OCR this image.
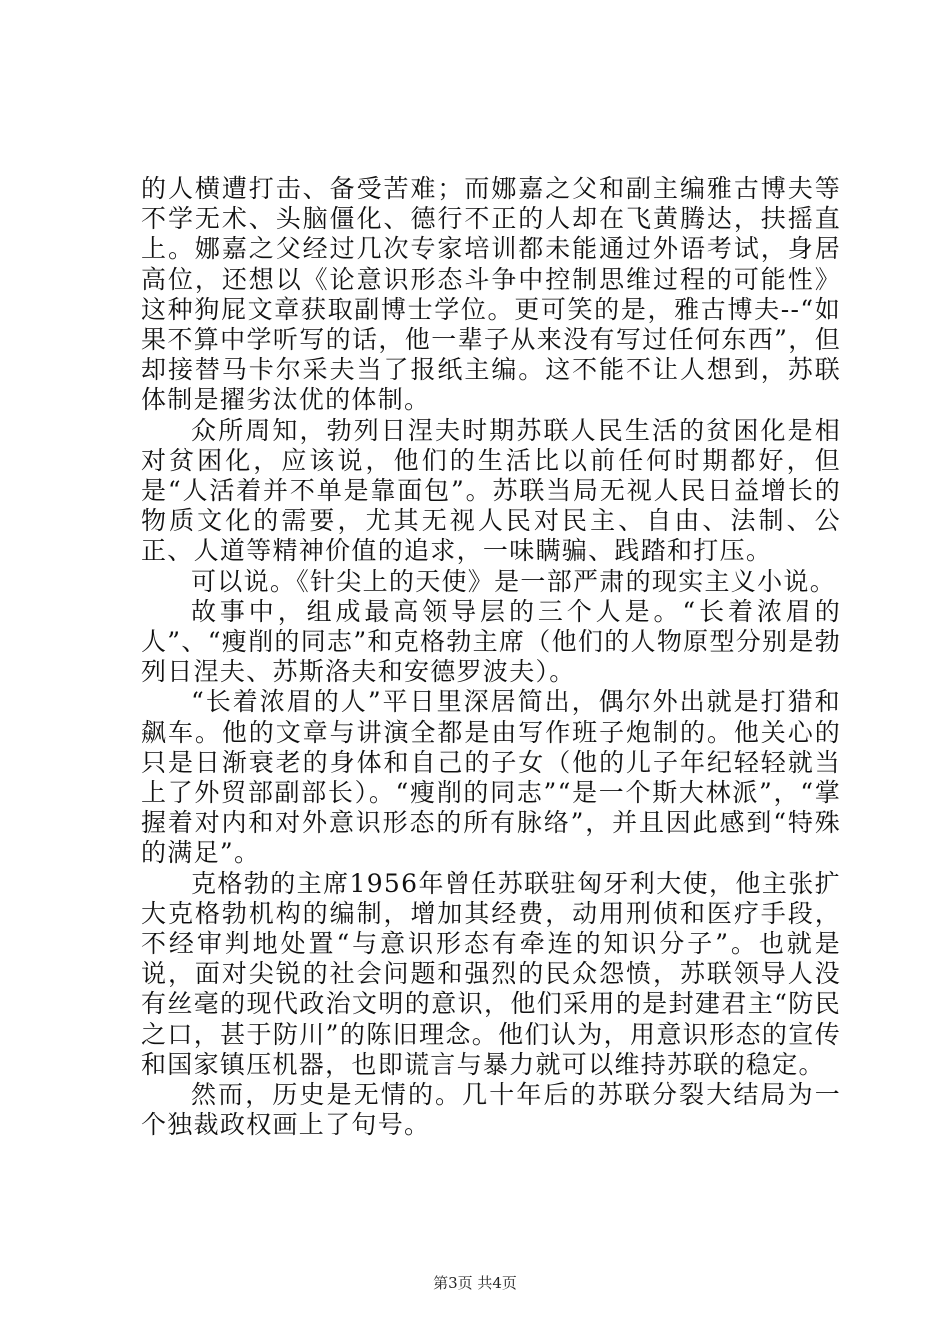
的人横遭打击、备受苦难；而娜嘉之父和副主编雅古博夫等不学无术、头脑僵化、德行不正的人却在飞黄腾达，扶摇直上。娜嘉之父经过几次专家培训都未能通过外语考试，身居高位，还想以《论意识形态斗争中控制思维过程的可能性》这种狗屁文章获取副博士学位。更可笑的是，雅古博夫--“如果不算中学听写的话，他一辈子从来没有写过任何东西”，但却接替马卡尔采夫当了报纸主编。这不能不让人想到，苏联体制是擢劣汰优的体制。

众所周知，勃列日涅夫时期苏联人民生活的贫困化是相对贫困化，应该说，他们的生活比以前任何时期都好，但是“人活着并不单是靠面包”。苏联当局无视人民日益增长的物质文化的需要，尤其无视人民对民主、自由、法制、公正、人道等精神价值的追求，一味瞒骗、践踏和打压。

可以说。《针尖上的天使》是一部严肃的现实主义小说。

故事中，组成最高领导层的三个人是。“长着浓眉的人”、“瘦削的同志”和克格勃主席（他们的人物原型分别是勃列日涅夫、苏斯洛夫和安德罗波夫）。

“长着浓眉的人”平日里深居简出，偶尔外出就是打猎和飙车。他的文章与讲演全都是由写作班子炮制的。他关心的只是日渐衰老的身体和自己的子女（他的儿子年纪轻轻就当上了外贸部副部长）。“瘦削的同志”“是一个斯大林派”，“掌握着对内和对外意识形态的所有脉络”，并且因此感到“特殊的满足”。

克格勃的主席1956年曾任苏联驻匈牙利大使，他主张扩大克格勃机构的编制，增加其经费，动用刑侦和医疗手段，不经审判地处置“与意识形态有牵连的知识分子”。也就是说，面对尖锐的社会问题和强烈的民众怨愤，苏联领导人没有丝毫的现代政治文明的意识，他们采用的是封建君主“防民之口，甚于防川”的陈旧理念。他们认为，用意识形态的宣传和国家镇压机器，也即谎言与暴力就可以维持苏联的稳定。

然而，历史是无情的。几十年后的苏联分裂大结局为一个独裁政权画上了句号。

第3页 共4页
